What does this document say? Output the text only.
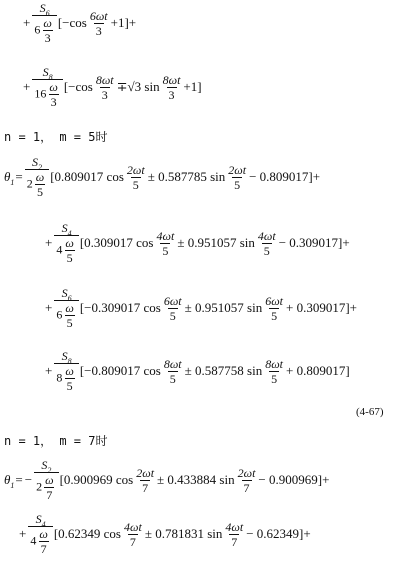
+ $\frac{S_6}{6 \frac{\omega}{3}} [-\cos \frac{6\omega t}{3} +1]+$
+ $\frac{S_8}{16 \frac{\omega}{3}} [-\cos \frac{8\omega t}{3} \mp√3$ $\sin \frac{8\omega t}{3} +1$]
n = 1， m = 5时
$\theta_1 = \frac{S_2}{2 \frac{\omega}{5}} [0.809017$ $\cos \frac{2\omega t}{5} \pm 0.587785$ $\sin \frac{2\omega t}{5} - 0.809017]+$
+ $\frac{S_4}{4 \frac{\omega}{5}} [0.309017$ $\cos \frac{4\omega t}{5} \pm 0.951057$ $\sin \frac{4\omega t}{5} - 0.309017]+$
+ $\frac{S_6}{6 \frac{\omega}{5}} [-0.309017$ $\cos \frac{6\omega t}{5} \pm 0.951057$ $\sin \frac{6\omega t}{5} + 0.309017]+$
+ $\frac{S_8}{8 \frac{\omega}{5}} [-0.809017$ $\cos \frac{8\omega t}{5} \pm 0.587758$ $\sin \frac{8\omega t}{5} + 0.809017$]
(4-67)
n = 1， m = 7时
$\theta_1$ = − $\frac{S_2}{2 \frac{\omega}{7}} [0.900969$ $\cos \frac{2\omega t}{7} \pm 0.433884$ $\sin \frac{2\omega t}{7} - 0.900969]+$
+ $\frac{S_4}{4 \frac{\omega}{7}} [0.62349$ $\cos \frac{4\omega t}{7} \pm 0.781831$ $\sin \frac{4\omega t}{7} - 0.62349]+$
